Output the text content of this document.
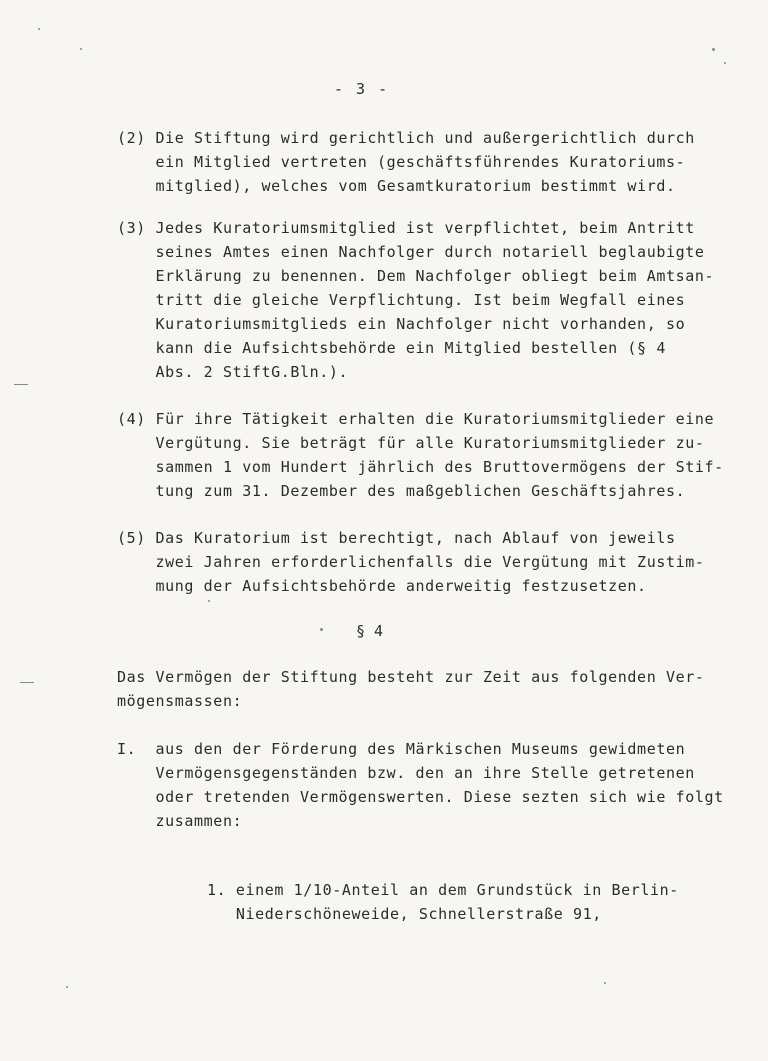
- 3 -
(2) Die Stiftung wird gerichtlich und außergerichtlich durch
ein Mitglied vertreten (geschäftsführendes Kuratoriums-
mitglied), welches vom Gesamtkuratorium bestimmt wird.
(3) Jedes Kuratoriumsmitglied ist verpflichtet, beim Antritt
seines Amtes einen Nachfolger durch notariell beglaubigte
Erklärung zu benennen. Dem Nachfolger obliegt beim Amtsan-
tritt die gleiche Verpflichtung. Ist beim Wegfall eines
Kuratoriumsmitglieds ein Nachfolger nicht vorhanden, so
kann die Aufsichtsbehörde ein Mitglied bestellen (§ 4
Abs. 2 StiftG.Bln.).
(4) Für ihre Tätigkeit erhalten die Kuratoriumsmitglieder eine
Vergütung. Sie beträgt für alle Kuratoriumsmitglieder zu-
sammen 1 vom Hundert jährlich des Bruttovermögens der Stif-
tung zum 31. Dezember des maßgeblichen Geschäftsjahres.
(5) Das Kuratorium ist berechtigt, nach Ablauf von jeweils
zwei Jahren erforderlichenfalls die Vergütung mit Zustim-
mung der Aufsichtsbehörde anderweitig festzusetzen.
§ 4
Das Vermögen der Stiftung besteht zur Zeit aus folgenden Ver-
mögensmassen:
I.  aus den der Förderung des Märkischen Museums gewidmeten
Vermögensgegenständen bzw. den an ihre Stelle getretenen
oder tretenden Vermögenswerten. Diese sezten sich wie folgt
zusammen:
1. einem 1/10-Anteil an dem Grundstück in Berlin-
Niederschöneweide, Schnellerstraße 91,
